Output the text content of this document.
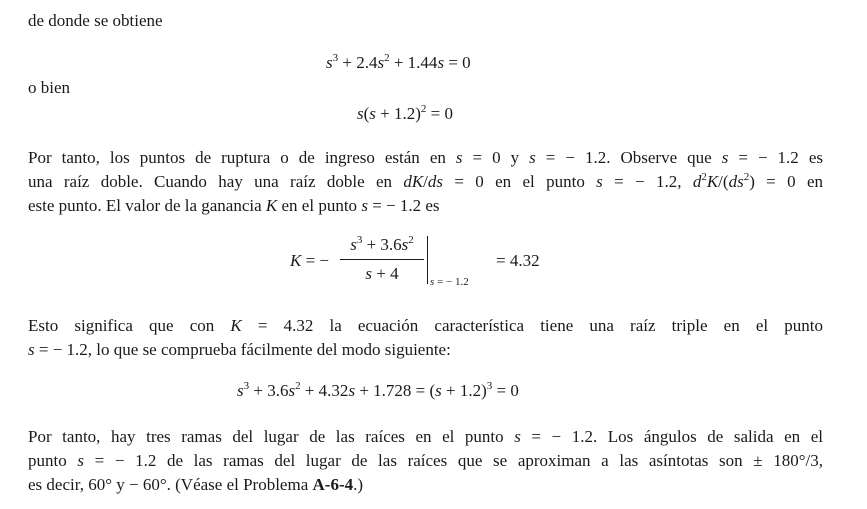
de donde se obtiene
$s^3 + 2.4s^2 + 1.44s = 0$
o bien
$s(s + 1.2)^2 = 0$
Por tanto, los puntos de ruptura o de ingreso están en s = 0 y s = − 1.2. Observe que s = − 1.2 es
una raíz doble. Cuando hay una raíz doble en dK/ds = 0 en el punto s = − 1.2, $d^2K/(ds^2) = 0$ en
este punto. El valor de la ganancia K en el punto s = − 1.2 es
K = −
$s^3 + 3.6s^2$
s + 4	s = − 1.2
= 4.32
Esto significa que con K = 4.32 la ecuación característica tiene una raíz triple en el punto
s = − 1.2, lo que se comprueba fácilmente del modo siguiente:
$s^3 + 3.6s^2 + 4.32s + 1.728 = (s + 1.2)^3 = 0$
Por tanto, hay tres ramas del lugar de las raíces en el punto s = − 1.2. Los ángulos de salida en el
punto s = − 1.2 de las ramas del lugar de las raíces que se aproximan a las asíntotas son ± 180°/3,
es decir, 60° y − 60°. (Véase el Problema A-6-4.)
